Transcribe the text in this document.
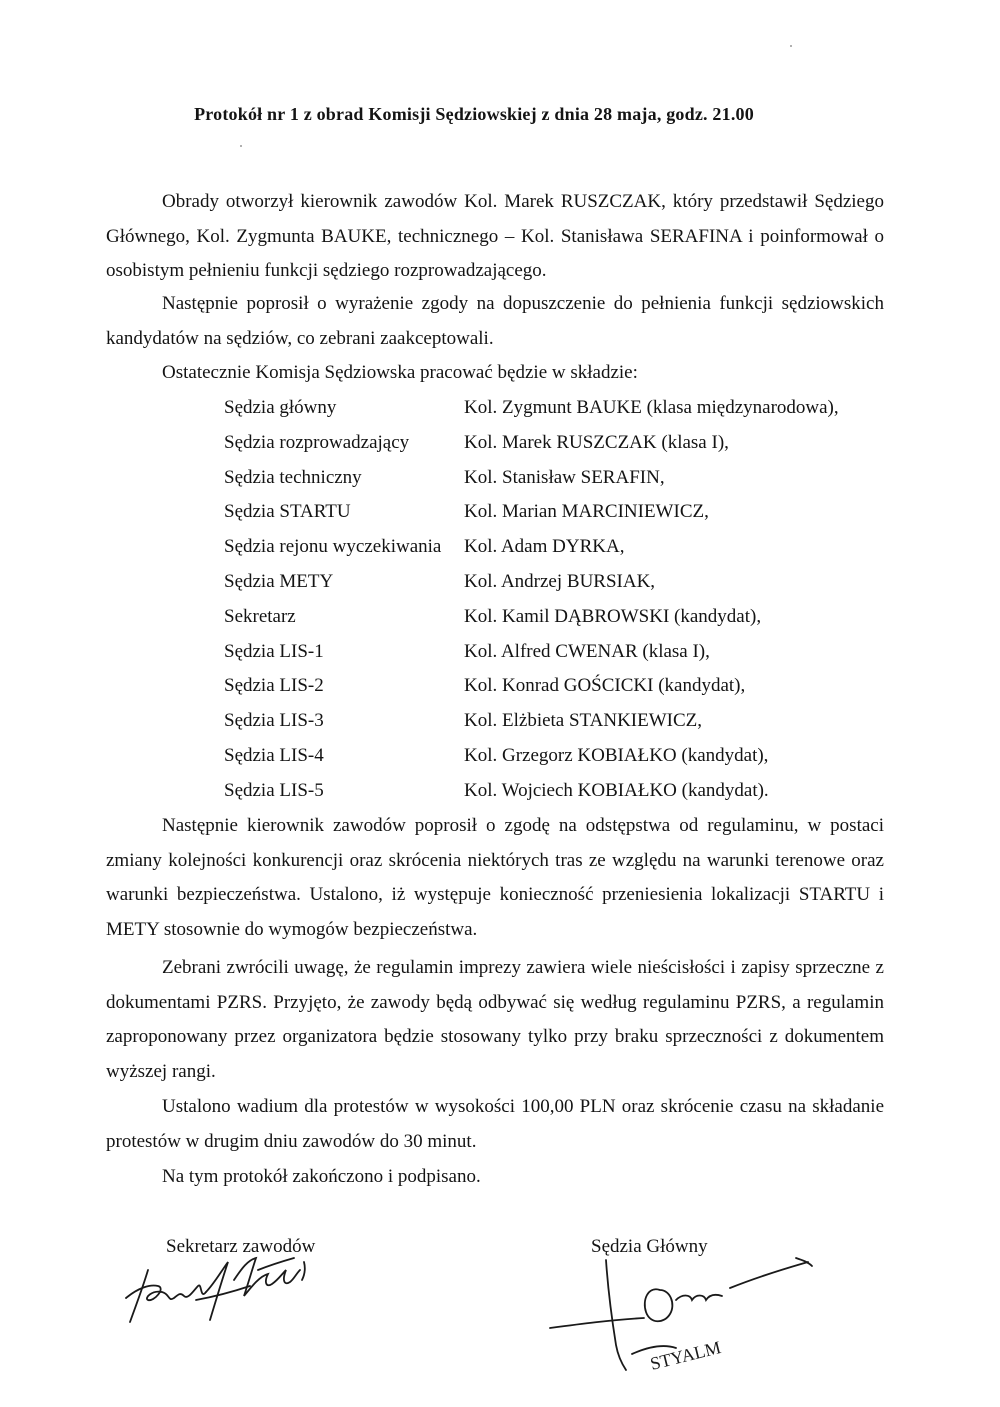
Protokół nr 1 z obrad Komisji Sędziowskiej z dnia 28 maja, godz. 21.00
Obrady otworzył kierownik zawodów Kol. Marek RUSZCZAK, który przedstawił Sędziego Głównego, Kol. Zygmunta BAUKE, technicznego – Kol. Stanisława SERAFINA i poinformował o osobistym pełnieniu funkcji sędziego rozprowadzającego.
Następnie poprosił o wyrażenie zgody na dopuszczenie do pełnienia funkcji sędziowskich kandydatów na sędziów, co zebrani zaakceptowali.
Ostatecznie Komisja Sędziowska pracować będzie w składzie:
Sędzia główny	Kol. Zygmunt BAUKE (klasa międzynarodowa),
Sędzia rozprowadzający	Kol. Marek RUSZCZAK (klasa I),
Sędzia techniczny	Kol. Stanisław SERAFIN,
Sędzia STARTU	Kol. Marian MARCINIEWICZ,
Sędzia rejonu wyczekiwania Kol. Adam DYRKA,
Sędzia METY	Kol. Andrzej BURSIAK,
Sekretarz	Kol. Kamil DĄBROWSKI (kandydat),
Sędzia LIS-1	Kol. Alfred CWENAR (klasa I),
Sędzia LIS-2	Kol. Konrad GOŚCICKI (kandydat),
Sędzia LIS-3	Kol. Elżbieta STANKIEWICZ,
Sędzia LIS-4	Kol. Grzegorz KOBIAŁKO (kandydat),
Sędzia LIS-5	Kol. Wojciech KOBIAŁKO (kandydat).
Następnie kierownik zawodów poprosił o zgodę na odstępstwa od regulaminu, w postaci zmiany kolejności konkurencji oraz skrócenia niektórych tras ze względu na warunki terenowe oraz warunki bezpieczeństwa. Ustalono, iż występuje konieczność przeniesienia lokalizacji STARTU i METY stosownie do wymogów bezpieczeństwa.
Zebrani zwrócili uwagę, że regulamin imprezy zawiera wiele nieścisłości i zapisy sprzeczne z dokumentami PZRS. Przyjęto, że zawody będą odbywać się według regulaminu PZRS, a regulamin zaproponowany przez organizatora będzie stosowany tylko przy braku sprzeczności z dokumentem wyższej rangi.
Ustalono wadium dla protestów w wysokości 100,00 PLN oraz skrócenie czasu na składanie protestów w drugim dniu zawodów do 30 minut.
Na tym protokół zakończono i podpisano.
Sekretarz zawodów	Sędzia Główny
STYALM
